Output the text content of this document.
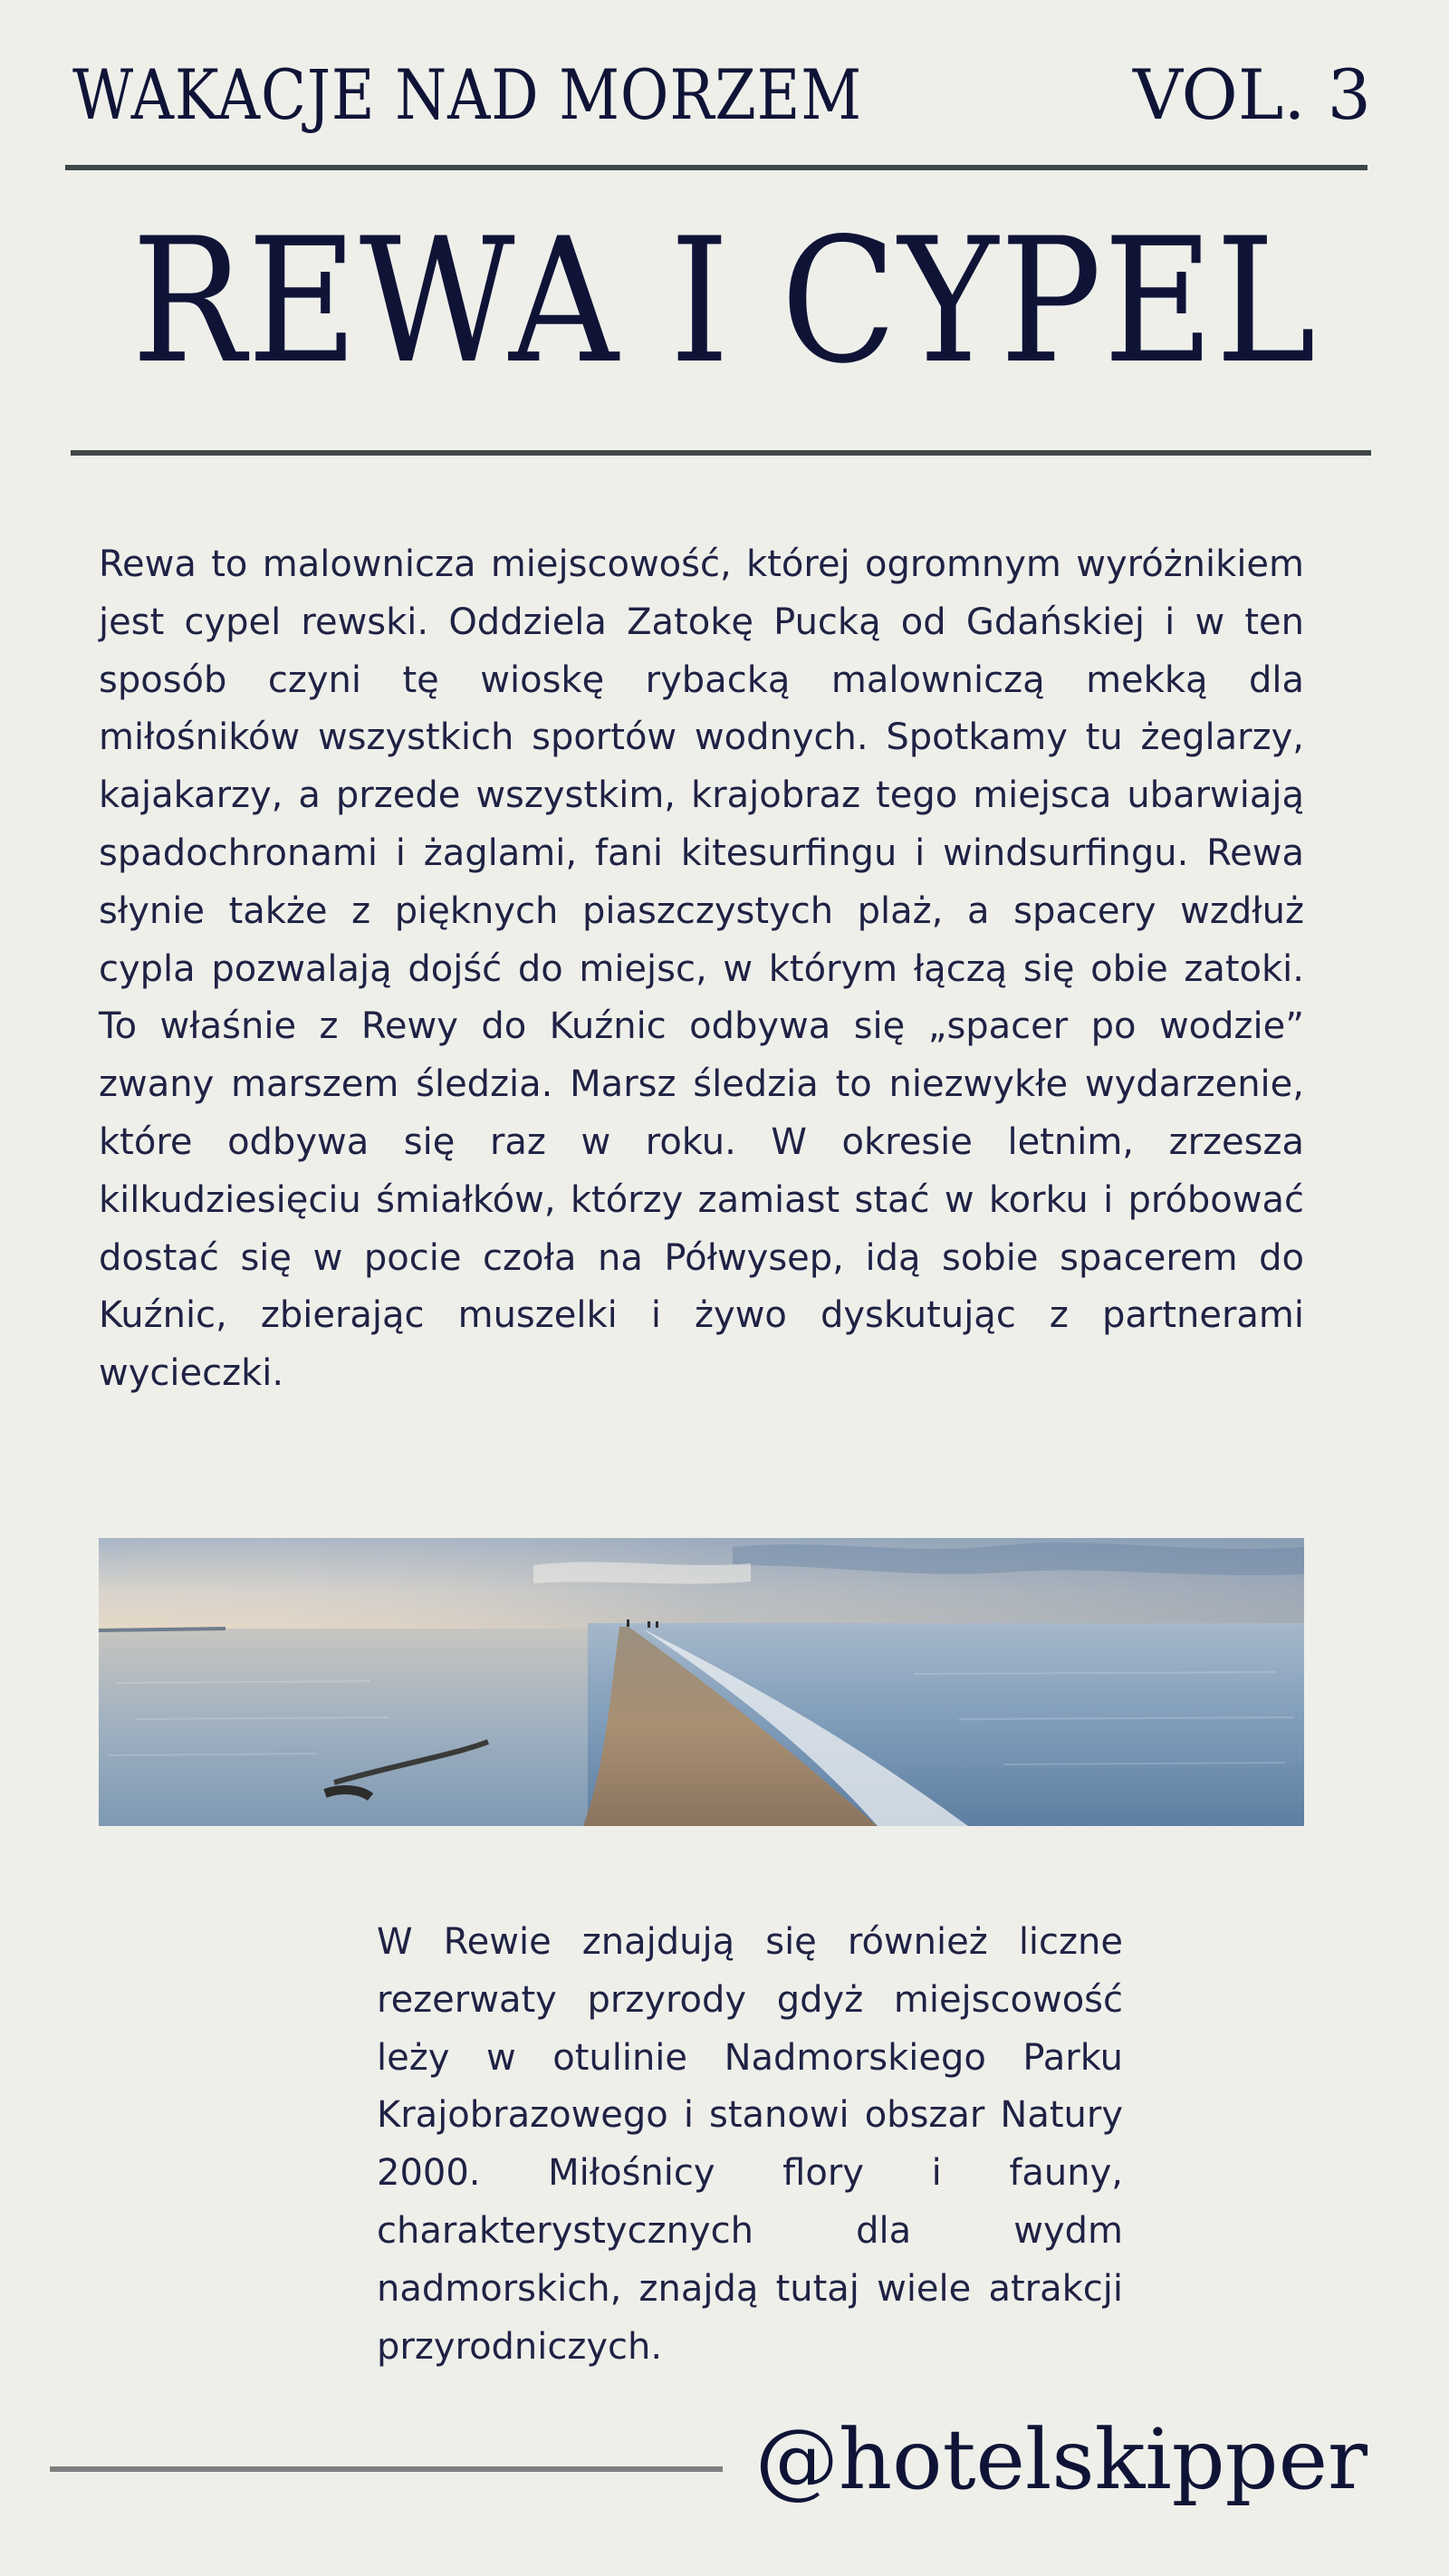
WAKACJE NAD MORZEM	VOL. 3
REWA I CYPEL

Rewa to malownicza miejscowość, której ogromnym wyróżnikiem jest cypel rewski. Oddziela Zatokę Pucką od Gdańskiej i w ten sposób czyni tę wioskę rybacką malowniczą mekką dla miłośników wszystkich sportów wodnych. Spotkamy tu żeglarzy, kajakarzy, a przede wszystkim, krajobraz tego miejsca ubarwiają spadochronami i żaglami, fani kitesurfingu i windsurfingu. Rewa słynie także z pięknych piaszczystych plaż, a spacery wzdłuż cypla pozwalają dojść do miejsc, w którym łączą się obie zatoki. To właśnie z Rewy do Kuźnic odbywa się „spacer po wodzie” zwany marszem śledzia. Marsz śledzia to niezwykłe wydarzenie, które odbywa się raz w roku. W okresie letnim, zrzesza kilkudziesięciu śmiałków, którzy zamiast stać w korku i próbować dostać się w pocie czoła na Półwysep, idą sobie spacerem do Kuźnic, zbierając muszelki i żywo dyskutując z partnerami wycieczki.

W Rewie znajdują się również liczne rezerwaty przyrody gdyż miejscowość leży w otulinie Nadmorskiego Parku Krajobrazowego i stanowi obszar Natury 2000. Miłośnicy flory i fauny, charakterystycznych dla wydm nadmorskich, znajdą tutaj wiele atrakcji przyrodniczych.

@hotelskipper
